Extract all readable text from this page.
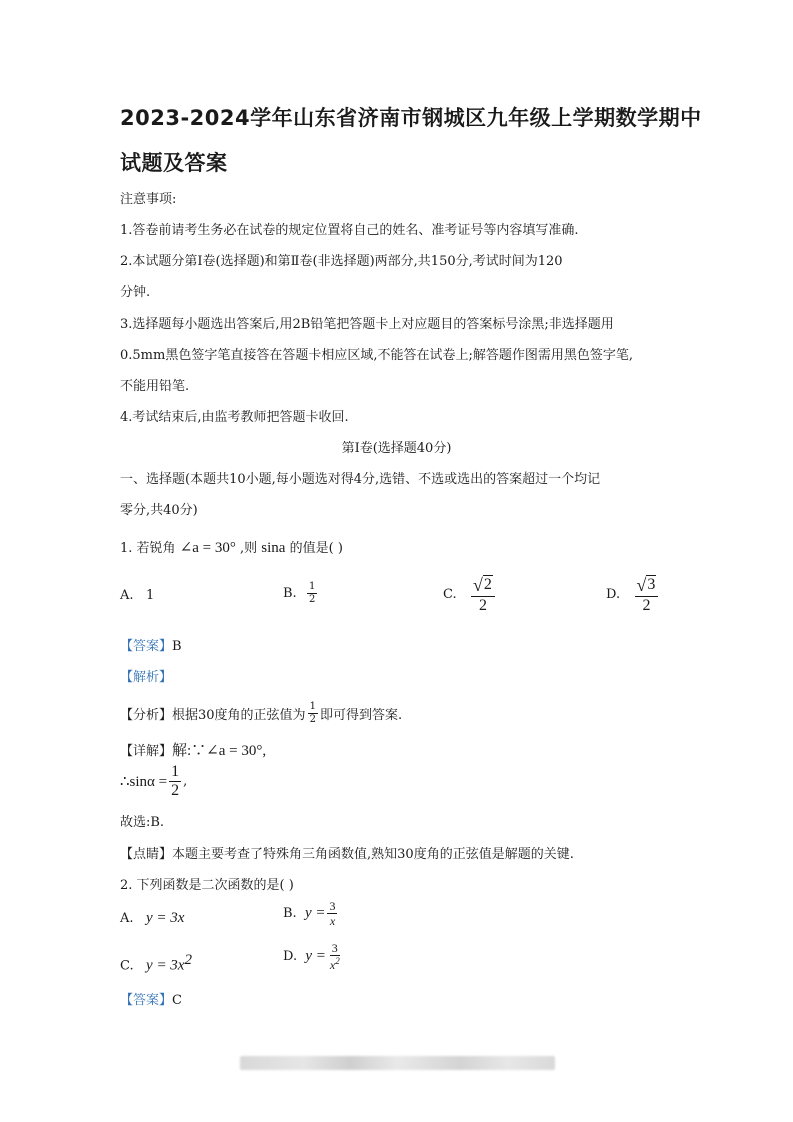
2023-2024学年山东省济南市钢城区九年级上学期数学期中
试题及答案
注意事项:
1.答卷前请考生务必在试卷的规定位置将自己的姓名、准考证号等内容填写准确.
2.本试题分第Ⅰ卷(选择题)和第Ⅱ卷(非选择题)两部分,共150分,考试时间为120
分钟.
3.选择题每小题选出答案后,用2B铅笔把答题卡上对应题目的答案标号涂黑;非选择题用
0.5mm黑色签字笔直接答在答题卡相应区域,不能答在试卷上;解答题作图需用黑色签字笔,
不能用铅笔.
4.考试结束后,由监考教师把答题卡收回.
第Ⅰ卷(选择题40分)
一、选择题(本题共10小题,每小题选对得4分,选错、不选或选出的答案超过一个均记
零分,共40分)
1. 若锐角 ∠a = 30° ,则 sina 的值是( )
A. 1	B.
$\frac{1}{2}$	C.
$\frac{√ 2}{2}$	D.
$\frac{√ 3}{2}$
【答案】B
【解析】
【分析】 根据30度角的正弦值为 $\frac{1}{2}$ 即可得到答案.
【详解】解:∵∠a = 30°,
∴sinα = $\frac{1}{2}$ ,
故选:B.
【点睛】本题主要考查了特殊角三角函数值,熟知30度角的正弦值是解题的关键.
2. 下列函数是二次函数的是( )
A. y = 3x	B.
$y = \frac{3}{x}$
C. $y = 3x^2$	D.
$y = \frac{3}{x^2}$
【答案】C
